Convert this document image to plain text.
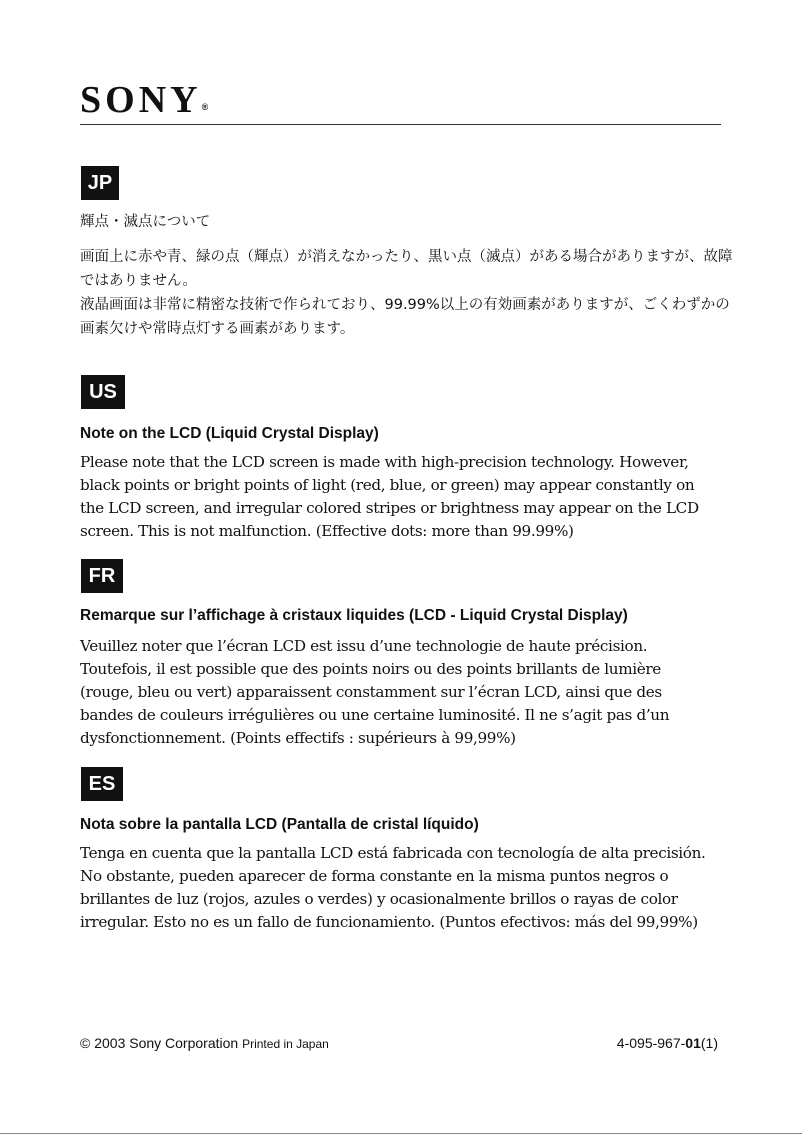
SONY®
JP
輝点・滅点について

画面上に赤や青、緑の点（輝点）が消えなかったり、黒い点（滅点）がある場合がありますが、故障ではありません。

液晶画面は非常に精密な技術で作られており、99.99%以上の有効画素がありますが、ごくわずかの画素欠けや常時点灯する画素があります。

US
Note on the LCD (Liquid Crystal Display)
Please note that the LCD screen is made with high-precision technology. However,
black points or bright points of light (red, blue, or green) may appear constantly on
the LCD screen, and irregular colored stripes or brightness may appear on the LCD
screen. This is not malfunction. (Effective dots: more than 99.99%)
FR
Remarque sur l’affichage à cristaux liquides (LCD - Liquid Crystal Display)
Veuillez noter que l’écran LCD est issu d’une technologie de haute précision.
Toutefois, il est possible que des points noirs ou des points brillants de lumière
(rouge, bleu ou vert) apparaissent constamment sur l’écran LCD, ainsi que des
bandes de couleurs irrégulières ou une certaine luminosité. Il ne s’agit pas d’un
dysfonctionnement. (Points effectifs : supérieurs à 99,99%)
ES
Nota sobre la pantalla LCD (Pantalla de cristal líquido)
Tenga en cuenta que la pantalla LCD está fabricada con tecnología de alta precisión.
No obstante, pueden aparecer de forma constante en la misma puntos negros o
brillantes de luz (rojos, azules o verdes) y ocasionalmente brillos o rayas de color
irregular. Esto no es un fallo de funcionamiento. (Puntos efectivos: más del 99,99%)
© 2003 Sony Corporation Printed in Japan	4-095-967-01(1)
